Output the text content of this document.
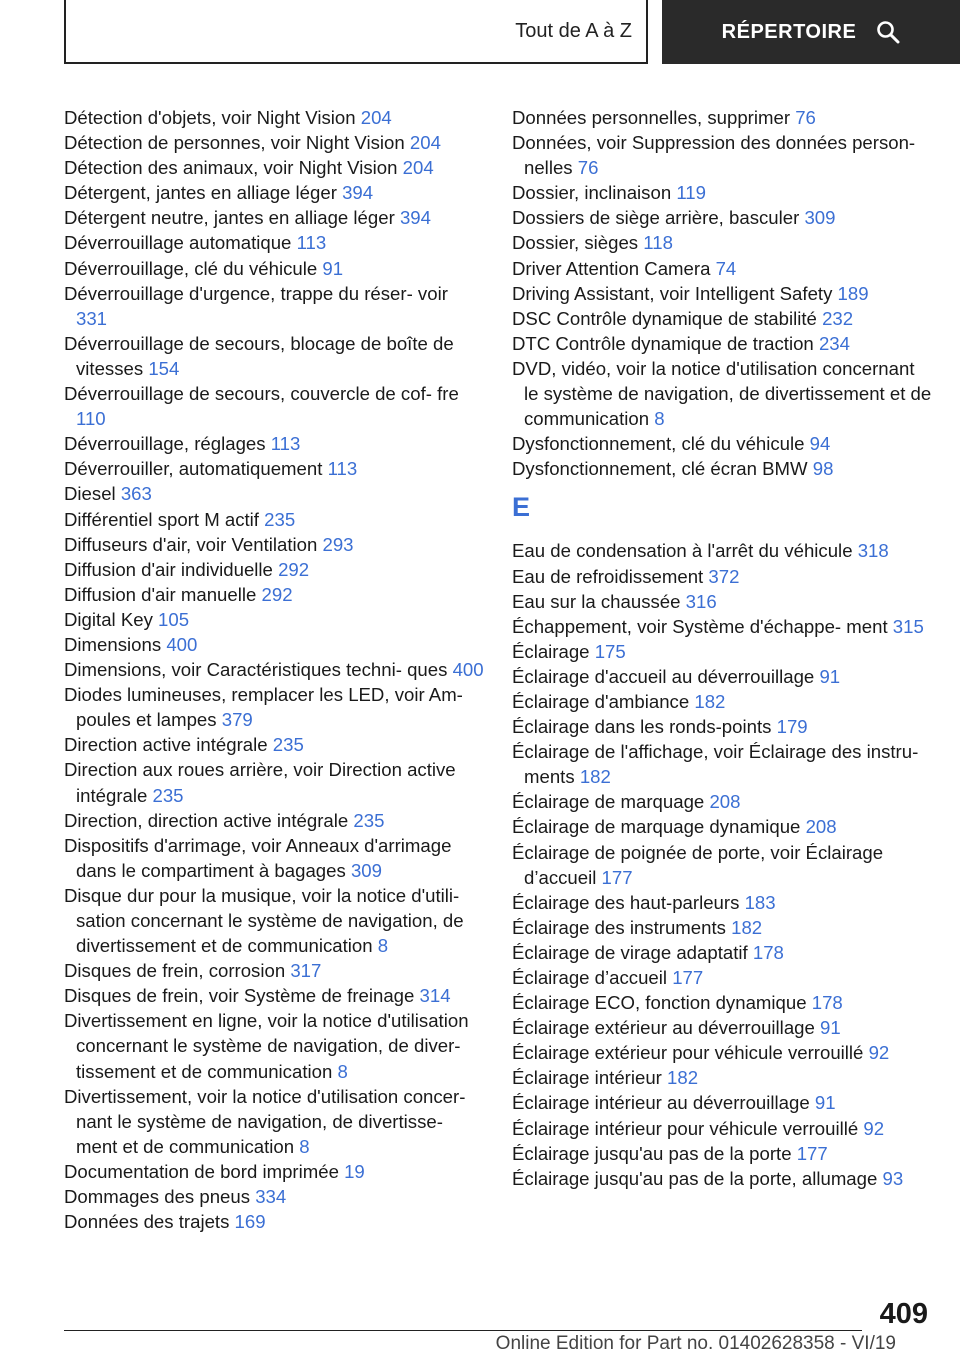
Tout de A à Z	RÉPERTOIRE
Détection d'objets, voir Night Vision 204
Détection de personnes, voir Night Vision 204
Détection des animaux, voir Night Vision 204
Détergent, jantes en alliage léger 394
Détergent neutre, jantes en alliage léger 394
Déverrouillage automatique 113
Déverrouillage, clé du véhicule 91
Déverrouillage d'urgence, trappe du réser‐ voir 331
Déverrouillage de secours, blocage de boîte de vitesses 154
Déverrouillage de secours, couvercle de cof‐ fre 110
Déverrouillage, réglages 113
Déverrouiller, automatiquement 113
Diesel 363
Différentiel sport M actif 235
Diffuseurs d'air, voir Ventilation 293
Diffusion d'air individuelle 292
Diffusion d'air manuelle 292
Digital Key 105
Dimensions 400
Dimensions, voir Caractéristiques techni‐ ques 400
Diodes lumineuses, remplacer les LED, voir Am‐ poules et lampes 379
Direction active intégrale 235
Direction aux roues arrière, voir Direction active intégrale 235
Direction, direction active intégrale 235
Dispositifs d'arrimage, voir Anneaux d'arrimage dans le compartiment à bagages 309
Disque dur pour la musique, voir la notice d'utili‐ sation concernant le système de navigation, de divertissement et de communication 8
Disques de frein, corrosion 317
Disques de frein, voir Système de freinage 314
Divertissement en ligne, voir la notice d'utilisation concernant le système de navigation, de diver‐ tissement et de communication 8
Divertissement, voir la notice d'utilisation concer‐ nant le système de navigation, de divertisse‐ ment et de communication 8
Documentation de bord imprimée 19
Dommages des pneus 334
Données des trajets 169
Données personnelles, supprimer 76
Données, voir Suppression des données person‐ nelles 76
Dossier, inclinaison 119
Dossiers de siège arrière, basculer 309
Dossier, sièges 118
Driver Attention Camera 74
Driving Assistant, voir Intelligent Safety 189
DSC Contrôle dynamique de stabilité 232
DTC Contrôle dynamique de traction 234
DVD, vidéo, voir la notice d'utilisation concernant le système de navigation, de divertissement et de communication 8
Dysfonctionnement, clé du véhicule 94
Dysfonctionnement, clé écran BMW 98
E
Eau de condensation à l'arrêt du véhicule 318
Eau de refroidissement 372
Eau sur la chaussée 316
Échappement, voir Système d'échappe‐ ment 315
Éclairage 175
Éclairage d'accueil au déverrouillage 91
Éclairage d'ambiance 182
Éclairage dans les ronds-points 179
Éclairage de l'affichage, voir Éclairage des instru‐ ments 182
Éclairage de marquage 208
Éclairage de marquage dynamique 208
Éclairage de poignée de porte, voir Éclairage d’accueil 177
Éclairage des haut-parleurs 183
Éclairage des instruments 182
Éclairage de virage adaptatif 178
Éclairage d’accueil 177
Éclairage ECO, fonction dynamique 178
Éclairage extérieur au déverrouillage 91
Éclairage extérieur pour véhicule verrouillé 92
Éclairage intérieur 182
Éclairage intérieur au déverrouillage 91
Éclairage intérieur pour véhicule verrouillé 92
Éclairage jusqu'au pas de la porte 177
Éclairage jusqu'au pas de la porte, allumage 93
409
Online Edition for Part no. 01402628358 - VI/19
